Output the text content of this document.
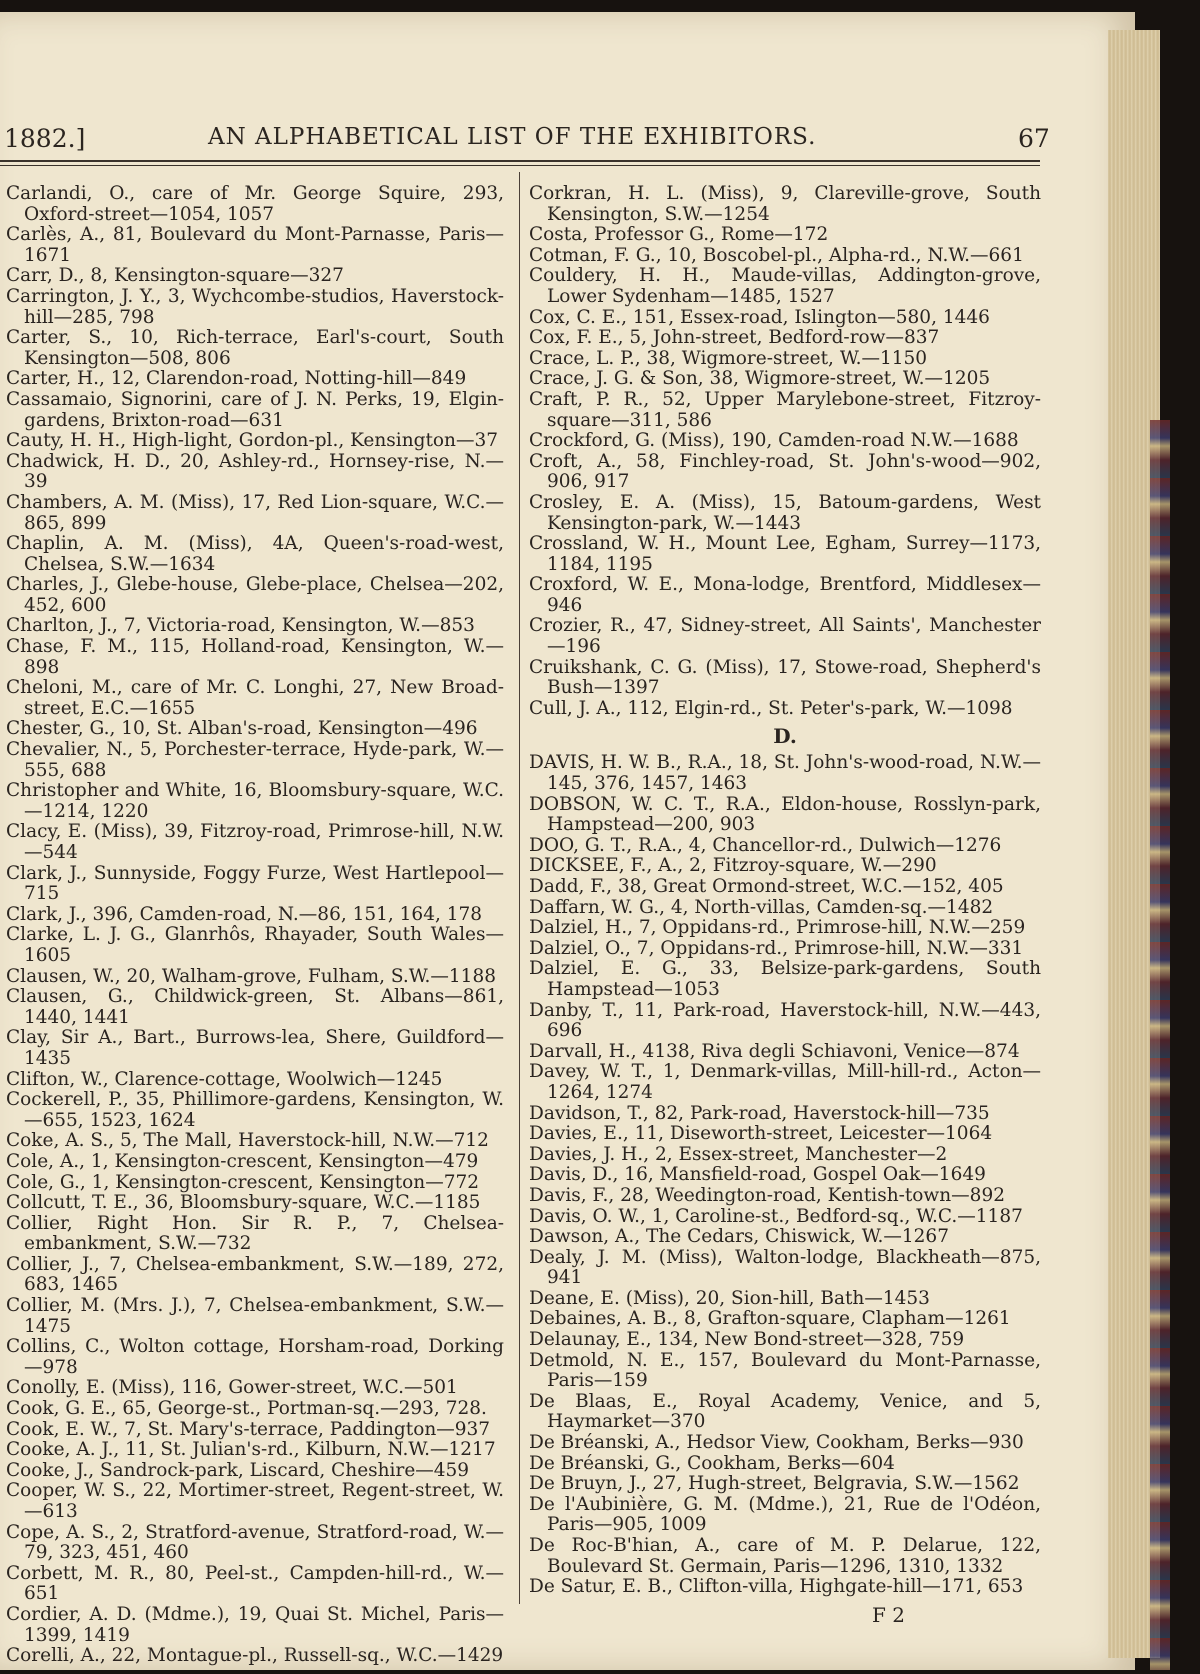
1882.]	AN ALPHABETICAL LIST OF THE EXHIBITORS.	67
Carlandi, O., care of Mr. George Squire, 293, Oxford-street—1054, 1057
Carlès, A., 81, Boulevard du Mont-Parnasse, Paris—1671
Carr, D., 8, Kensington-square—327
Carrington, J. Y., 3, Wychcombe-studios, Haverstock-hill—285, 798
Carter, S., 10, Rich-terrace, Earl's-court, South Kensington—508, 806
Carter, H., 12, Clarendon-road, Notting-hill—849
Cassamaio, Signorini, care of J. N. Perks, 19, Elgin-gardens, Brixton-road—631
Cauty, H. H., High-light, Gordon-pl., Kensington—37
Chadwick, H. D., 20, Ashley-rd., Hornsey-rise, N.—39
Chambers, A. M. (Miss), 17, Red Lion-square, W.C.—865, 899
Chaplin, A. M. (Miss), 4A, Queen's-road-west, Chelsea, S.W.—1634
Charles, J., Glebe-house, Glebe-place, Chelsea—202, 452, 600
Charlton, J., 7, Victoria-road, Kensington, W.—853
Chase, F. M., 115, Holland-road, Kensington, W.—898
Cheloni, M., care of Mr. C. Longhi, 27, New Broad-street, E.C.—1655
Chester, G., 10, St. Alban's-road, Kensington—496
Chevalier, N., 5, Porchester-terrace, Hyde-park, W.—555, 688
Christopher and White, 16, Bloomsbury-square, W.C.—1214, 1220
Clacy, E. (Miss), 39, Fitzroy-road, Primrose-hill, N.W.—544
Clark, J., Sunnyside, Foggy Furze, West Hartlepool—715
Clark, J., 396, Camden-road, N.—86, 151, 164, 178
Clarke, L. J. G., Glanrhôs, Rhayader, South Wales—1605
Clausen, W., 20, Walham-grove, Fulham, S.W.—1188
Clausen, G., Childwick-green, St. Albans—861, 1440, 1441
Clay, Sir A., Bart., Burrows-lea, Shere, Guildford—1435
Clifton, W., Clarence-cottage, Woolwich—1245
Cockerell, P., 35, Phillimore-gardens, Kensington, W.—655, 1523, 1624
Coke, A. S., 5, The Mall, Haverstock-hill, N.W.—712
Cole, A., 1, Kensington-crescent, Kensington—479
Cole, G., 1, Kensington-crescent, Kensington—772
Collcutt, T. E., 36, Bloomsbury-square, W.C.—1185
Collier, Right Hon. Sir R. P., 7, Chelsea-embankment, S.W.—732
Collier, J., 7, Chelsea-embankment, S.W.—189, 272, 683, 1465
Collier, M. (Mrs. J.), 7, Chelsea-embankment, S.W.—1475
Collins, C., Wolton cottage, Horsham-road, Dorking—978
Conolly, E. (Miss), 116, Gower-street, W.C.—501
Cook, G. E., 65, George-st., Portman-sq.—293, 728.
Cook, E. W., 7, St. Mary's-terrace, Paddington—937
Cooke, A. J., 11, St. Julian's-rd., Kilburn, N.W.—1217
Cooke, J., Sandrock-park, Liscard, Cheshire—459
Cooper, W. S., 22, Mortimer-street, Regent-street, W.—613
Cope, A. S., 2, Stratford-avenue, Stratford-road, W.—79, 323, 451, 460
Corbett, M. R., 80, Peel-st., Campden-hill-rd., W.—651
Cordier, A. D. (Mdme.), 19, Quai St. Michel, Paris—1399, 1419
Corelli, A., 22, Montague-pl., Russell-sq., W.C.—1429
Corkran, H. L. (Miss), 9, Clareville-grove, South Kensington, S.W.—1254
Costa, Professor G., Rome—172
Cotman, F. G., 10, Boscobel-pl., Alpha-rd., N.W.—661
Couldery, H. H., Maude-villas, Addington-grove, Lower Sydenham—1485, 1527
Cox, C. E., 151, Essex-road, Islington—580, 1446
Cox, F. E., 5, John-street, Bedford-row—837
Crace, L. P., 38, Wigmore-street, W.—1150
Crace, J. G. & Son, 38, Wigmore-street, W.—1205
Craft, P. R., 52, Upper Marylebone-street, Fitzroy-square—311, 586
Crockford, G. (Miss), 190, Camden-road N.W.—1688
Croft, A., 58, Finchley-road, St. John's-wood—902, 906, 917
Crosley, E. A. (Miss), 15, Batoum-gardens, West Kensington-park, W.—1443
Crossland, W. H., Mount Lee, Egham, Surrey—1173, 1184, 1195
Croxford, W. E., Mona-lodge, Brentford, Middlesex—946
Crozier, R., 47, Sidney-street, All Saints', Manchester—196
Cruikshank, C. G. (Miss), 17, Stowe-road, Shepherd's Bush—1397
Cull, J. A., 112, Elgin-rd., St. Peter's-park, W.—1098
D.
DAVIS, H. W. B., R.A., 18, St. John's-wood-road, N.W.—145, 376, 1457, 1463
DOBSON, W. C. T., R.A., Eldon-house, Rosslyn-park, Hampstead—200, 903
DOO, G. T., R.A., 4, Chancellor-rd., Dulwich—1276
DICKSEE, F., A., 2, Fitzroy-square, W.—290
Dadd, F., 38, Great Ormond-street, W.C.—152, 405
Daffarn, W. G., 4, North-villas, Camden-sq.—1482
Dalziel, H., 7, Oppidans-rd., Primrose-hill, N.W.—259
Dalziel, O., 7, Oppidans-rd., Primrose-hill, N.W.—331
Dalziel, E. G., 33, Belsize-park-gardens, South Hampstead—1053
Danby, T., 11, Park-road, Haverstock-hill, N.W.—443, 696
Darvall, H., 4138, Riva degli Schiavoni, Venice—874
Davey, W. T., 1, Denmark-villas, Mill-hill-rd., Acton—1264, 1274
Davidson, T., 82, Park-road, Haverstock-hill—735
Davies, E., 11, Diseworth-street, Leicester—1064
Davies, J. H., 2, Essex-street, Manchester—2
Davis, D., 16, Mansfield-road, Gospel Oak—1649
Davis, F., 28, Weedington-road, Kentish-town—892
Davis, O. W., 1, Caroline-st., Bedford-sq., W.C.—1187
Dawson, A., The Cedars, Chiswick, W.—1267
Dealy, J. M. (Miss), Walton-lodge, Blackheath—875, 941
Deane, E. (Miss), 20, Sion-hill, Bath—1453
Debaines, A. B., 8, Grafton-square, Clapham—1261
Delaunay, E., 134, New Bond-street—328, 759
Detmold, N. E., 157, Boulevard du Mont-Parnasse, Paris—159
De Blaas, E., Royal Academy, Venice, and 5, Haymarket—370
De Bréanski, A., Hedsor View, Cookham, Berks—930
De Bréanski, G., Cookham, Berks—604
De Bruyn, J., 27, Hugh-street, Belgravia, S.W.—1562
De l'Aubinière, G. M. (Mdme.), 21, Rue de l'Odéon, Paris—905, 1009
De Roc-B'hian, A., care of M. P. Delarue, 122, Boulevard St. Germain, Paris—1296, 1310, 1332
De Satur, E. B., Clifton-villa, Highgate-hill—171, 653
F 2
